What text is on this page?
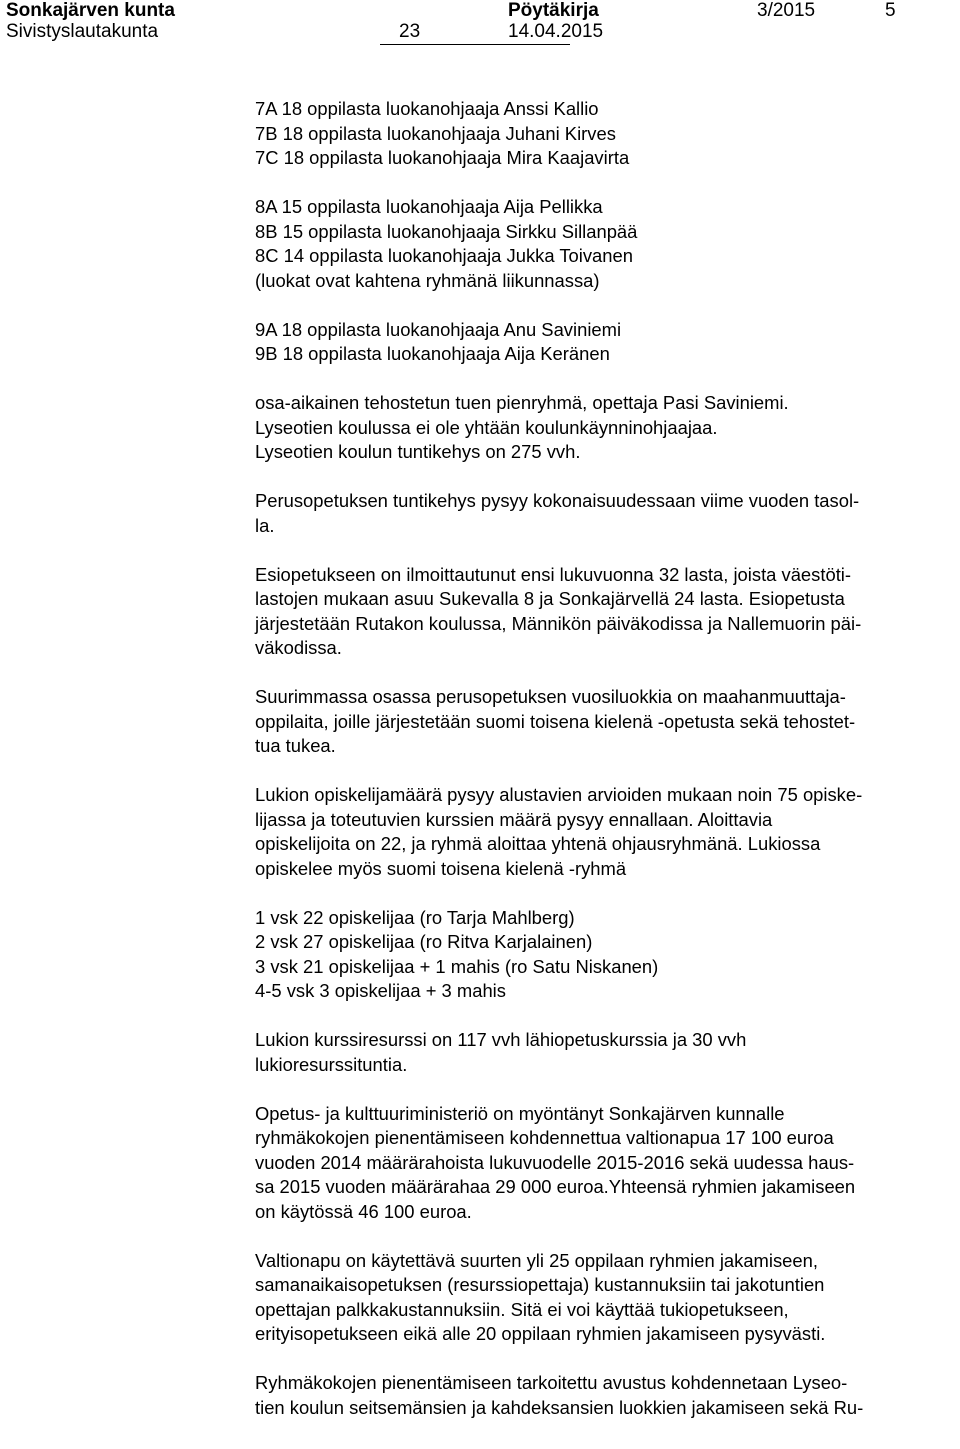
Sonkajärven kunta	Pöytäkirja	3/2015	5
Sivistyslautakunta	23	14.04.2015
7A 18 oppilasta luokanohjaaja Anssi Kallio
7B 18 oppilasta luokanohjaaja Juhani Kirves
7C 18 oppilasta luokanohjaaja Mira Kaajavirta
8A 15 oppilasta luokanohjaaja Aija Pellikka
8B 15 oppilasta luokanohjaaja Sirkku Sillanpää
8C 14 oppilasta luokanohjaaja Jukka Toivanen
(luokat ovat kahtena ryhmänä liikunnassa)
9A 18 oppilasta luokanohjaaja Anu Saviniemi
9B 18 oppilasta luokanohjaaja Aija Keränen
osa-aikainen tehostetun tuen pienryhmä, opettaja Pasi Saviniemi.
Lyseotien koulussa ei ole yhtään koulunkäynninohjaajaa.
Lyseotien koulun tuntikehys on 275 vvh.
Perusopetuksen tuntikehys pysyy kokonaisuudessaan viime vuoden tasol-
la.
Esiopetukseen on ilmoittautunut ensi lukuvuonna 32 lasta, joista väestöti-
lastojen mukaan asuu Sukevalla 8 ja Sonkajärvellä 24 lasta. Esiopetusta
järjestetään Rutakon koulussa, Männikön päiväkodissa ja Nallemuorin päi-
väkodissa.
Suurimmassa osassa perusopetuksen vuosiluokkia on maahanmuuttaja-
oppilaita, joille järjestetään suomi toisena kielenä -opetusta sekä tehostet-
tua tukea.
Lukion opiskelijamäärä pysyy alustavien arvioiden mukaan noin 75 opiske-
lijassa ja toteutuvien kurssien määrä pysyy ennallaan. Aloittavia
opiskelijoita on 22, ja ryhmä aloittaa yhtenä ohjausryhmänä. Lukiossa
opiskelee myös suomi toisena kielenä -ryhmä
1 vsk 22 opiskelijaa (ro Tarja Mahlberg)
2 vsk 27 opiskelijaa (ro Ritva Karjalainen)
3 vsk 21 opiskelijaa + 1 mahis (ro Satu Niskanen)
4-5 vsk 3 opiskelijaa + 3 mahis
Lukion kurssiresurssi on 117 vvh lähiopetuskurssia ja 30 vvh
lukioresurssituntia.
Opetus- ja kulttuuriministeriö on myöntänyt Sonkajärven kunnalle
ryhmäkokojen pienentämiseen kohdennettua valtionapua 17 100 euroa
vuoden 2014 määrärahoista lukuvuodelle 2015-2016 sekä uudessa haus-
sa 2015 vuoden määrärahaa 29 000 euroa.Yhteensä ryhmien jakamiseen
on käytössä 46 100 euroa.
Valtionapu on käytettävä suurten yli 25 oppilaan ryhmien jakamiseen,
samanaikaisopetuksen (resurssiopettaja) kustannuksiin tai jakotuntien
opettajan palkkakustannuksiin. Sitä ei voi käyttää tukiopetukseen,
erityisopetukseen eikä alle 20 oppilaan ryhmien jakamiseen pysyvästi.
Ryhmäkokojen pienentämiseen tarkoitettu avustus kohdennetaan Lyseo-
tien koulun seitsemänsien ja kahdeksansien luokkien jakamiseen sekä Ru-
